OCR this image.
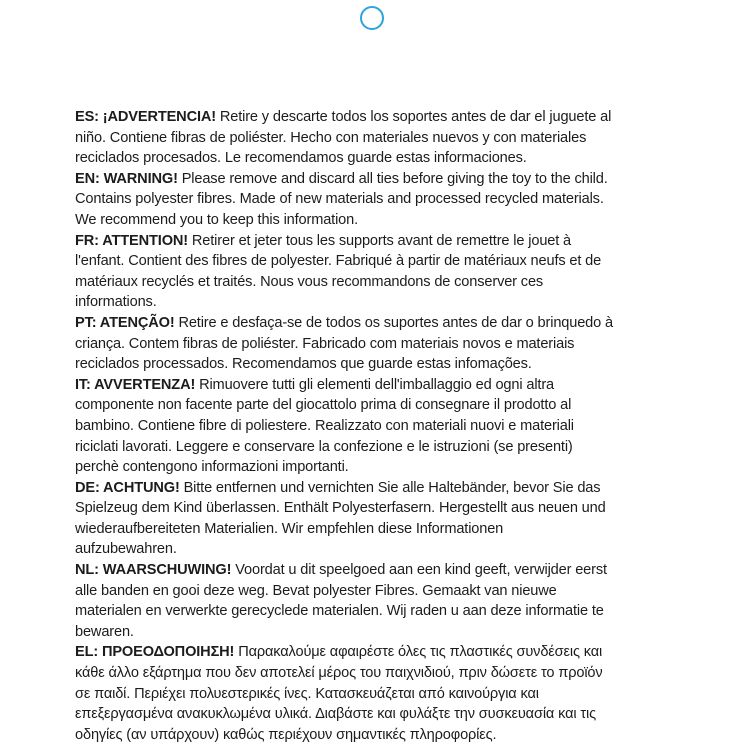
ES: ¡ADVERTENCIA! Retire y descarte todos los soportes antes de dar el juguete al
niño. Contiene fibras de poliéster. Hecho con materiales nuevos y con materiales
reciclados procesados. Le recomendamos guarde estas informaciones.

EN: WARNING! Please remove and discard all ties before giving the toy to the child.
Contains polyester fibres. Made of new materials and processed recycled materials.
We recommend you to keep this information.

FR: ATTENTION! Retirer et jeter tous les supports avant de remettre le jouet à
l'enfant. Contient des fibres de polyester. Fabriqué à partir de matériaux neufs et de
matériaux recyclés et traités. Nous vous recommandons de conserver ces
informations.

PT: ATENÇÃO! Retire e desfaça-se de todos os suportes antes de dar o brinquedo à
criança. Contem fibras de poliéster. Fabricado com materiais novos e materiais
reciclados processados. Recomendamos que guarde estas infomações.

IT: AVVERTENZA! Rimuovere tutti gli elementi dell'imballaggio ed ogni altra
componente non facente parte del giocattolo prima di consegnare il prodotto al
bambino. Contiene fibre di poliestere. Realizzato con materiali nuovi e materiali
riciclati lavorati. Leggere e conservare la confezione e le istruzioni (se presenti)
perchè contengono informazioni importanti.

DE: ACHTUNG! Bitte entfernen und vernichten Sie alle Haltebänder, bevor Sie das
Spielzeug dem Kind überlassen. Enthält Polyesterfasern. Hergestellt aus neuen und
wiederaufbereiteten Materialien. Wir empfehlen diese Informationen
aufzubewahren.

NL: WAARSCHUWING! Voordat u dit speelgoed aan een kind geeft, verwijder eerst
alle banden en gooi deze weg. Bevat polyester Fibres. Gemaakt van nieuwe
materialen en verwerkte gerecyclede materialen. Wij raden u aan deze informatie te
bewaren.

EL: ΠΡΟΕΟΔΟΠΟΙΗΣΗ! Παρακαλούμε αφαιρέστε όλες τις πλαστικές συνδέσεις και
κάθε άλλο εξάρτημα που δεν αποτελεί μέρος του παιχνιδιού, πριν δώσετε το προϊόν
σε παιδί. Περιέχει πολυεστερικές ίνες. Κατασκευάζεται από καινούργια και
επεξεργασμένα ανακυκλωμένα υλικά. Διαβάστε και φυλάξτε την συσκευασία και τις
οδηγίες (αν υπάρχουν) καθώς περιέχουν σημαντικές πληροφορίες.
